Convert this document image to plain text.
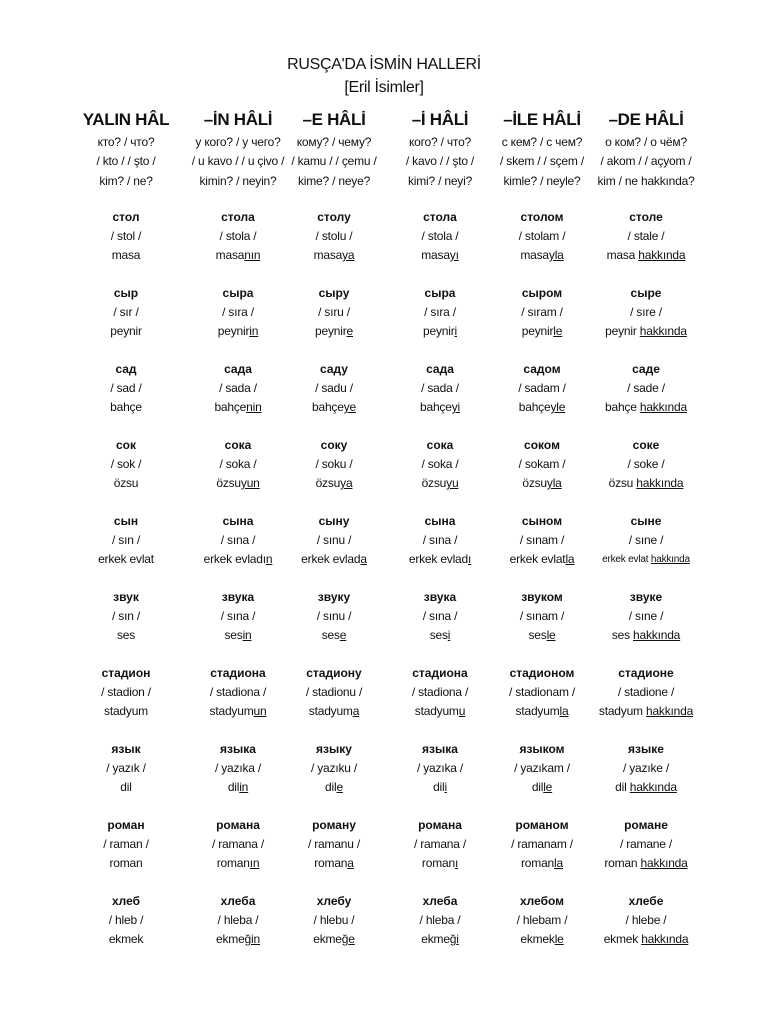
RUSÇA'DA İSMİN HALLERİ
[Eril İsimler]
YALIN HÂL
кто? / что?
/ kto / / şto /
kim? / ne?
–İN HÂLİ
у кого? / у чего?
/ u kavo / / u çivo /
kimin? / neyin?
–E HÂLİ
кому? / чему?
/ kamu / / çemu /
kime? / neye?
–İ HÂLİ
кого? / что?
/ kavo / / şto /
kimi? / neyi?
–İLE HÂLİ
с кем? / с чем?
/ skem / / sçem /
kimle? / neyle?
–DE HÂLİ
о ком? / о чём?
/ akom / / açyom /
kim / ne hakkında?
стол
/ stol /
masa
стола
/ stola /
masanın
столу
/ stolu /
masaya
стола
/ stola /
masayı
столом
/ stolam /
masayla
столе
/ stale /
masa hakkında
сыр
/ sır /
peynir
сыра
/ sıra /
peynirin
сыру
/ sıru /
peynire
сыра
/ sıra /
peyniri
сыром
/ sıram /
peynirle
сыре
/ sıre /
peynir hakkında
сад
/ sad /
bahçe
сада
/ sada /
bahçenin
саду
/ sadu /
bahçeye
сада
/ sada /
bahçeyi
садом
/ sadam /
bahçeyle
саде
/ sade /
bahçe hakkında
сок
/ sok /
özsu
сока
/ soka /
özsuyun
соку
/ soku /
özsuya
сока
/ soka /
özsuyu
соком
/ sokam /
özsuyla
соке
/ soke /
özsu hakkında
сын
/ sın /
erkek evlat
сына
/ sına /
erkek evladın
сыну
/ sınu /
erkek evlada
сына
/ sına /
erkek evladı
сыном
/ sınam /
erkek evlatla
сыне
/ sıne /
erkek evlat hakkında
звук
/ sın /
ses
звука
/ sına /
sesin
звуку
/ sınu /
sese
звука
/ sına /
sesi
звуком
/ sınam /
sesle
звуке
/ sıne /
ses hakkında
стадион
/ stadion /
stadyum
стадиона
/ stadiona /
stadyumun
стадиону
/ stadionu /
stadyuma
стадиона
/ stadiona /
stadyumu
стадионом
/ stadionam /
stadyumla
стадионе
/ stadione /
stadyum hakkında
язык
/ yazık /
dil
языка
/ yazıka /
dilin
языку
/ yazıku /
dile
языка
/ yazıka /
dili
языком
/ yazıkam /
dille
языке
/ yazıke /
dil hakkında
роман
/ raman /
roman
романа
/ ramana /
romanın
роману
/ ramanu /
romana
романа
/ ramana /
romanı
романом
/ ramanam /
romanla
романе
/ ramane /
roman hakkında
хлеб
/ hleb /
ekmek
хлеба
/ hleba /
ekmeğin
хлебу
/ hlebu /
ekmeğe
хлеба
/ hleba /
ekmeği
хлебом
/ hlebam /
ekmekle
хлебе
/ hlebe /
ekmek hakkında
